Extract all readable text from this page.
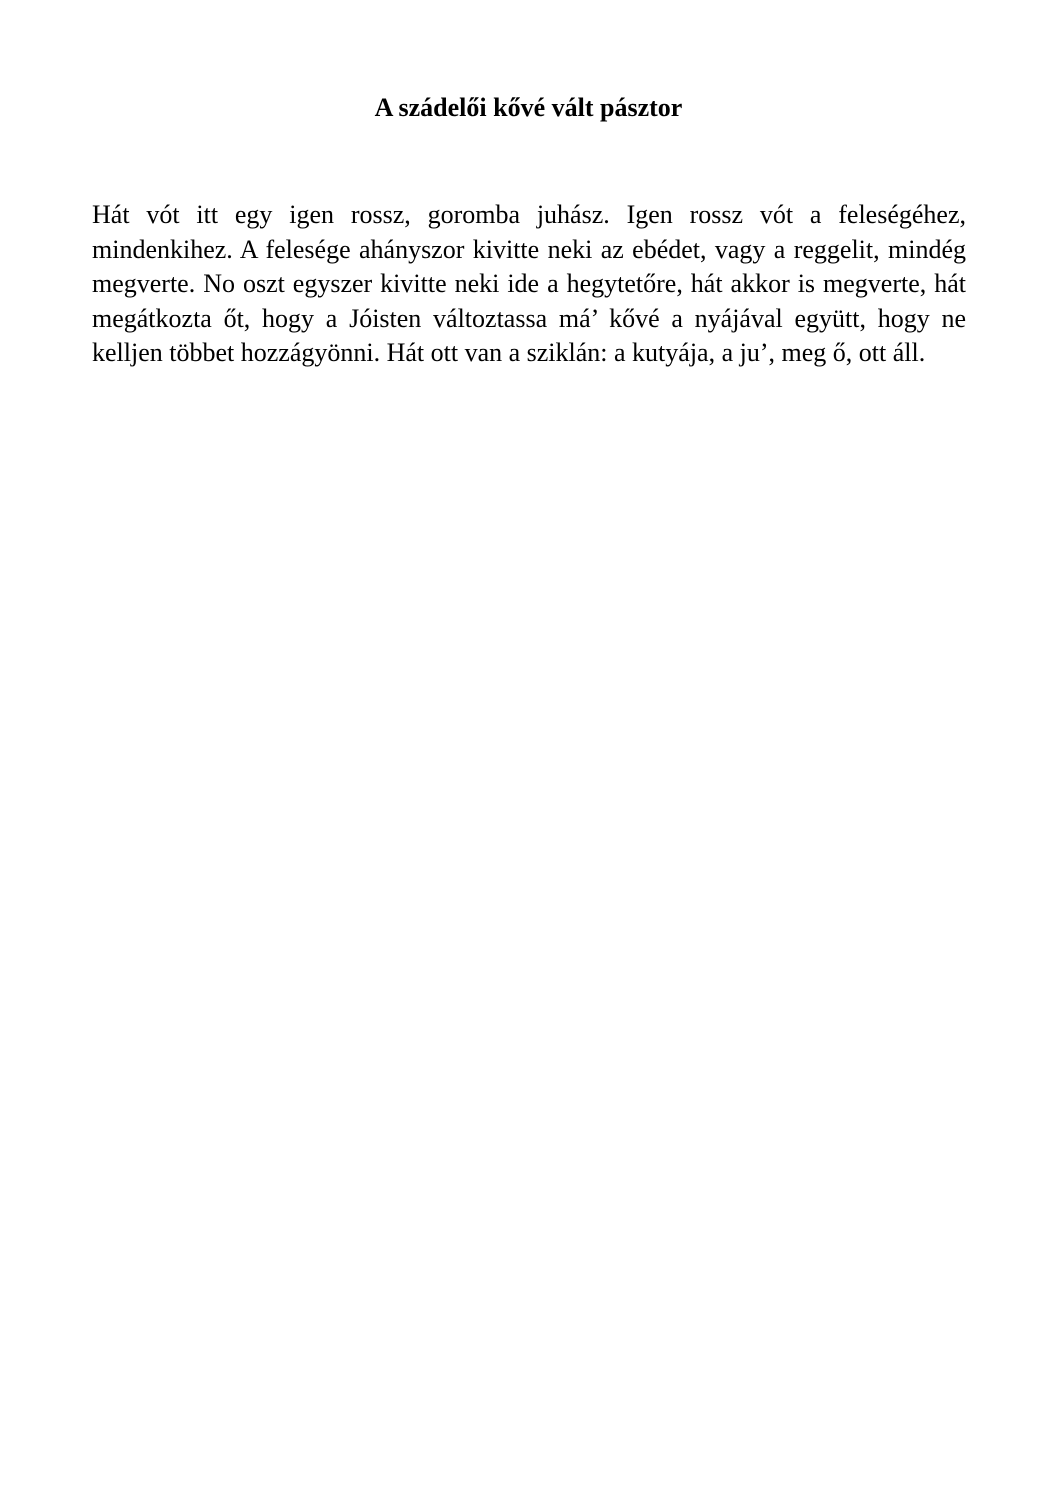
A szádelői kővé vált pásztor

Hát vót itt egy igen rossz, goromba juhász. Igen rossz vót a feleségéhez, mindenkihez. A felesége ahányszor kivitte neki az ebédet, vagy a reggelit, mindég megverte. No oszt egyszer kivitte neki ide a hegytetőre, hát akkor is megverte, hát megátkozta őt, hogy a Jóisten változtassa má’ kővé a nyájával együtt, hogy ne kelljen többet hozzágyönni. Hát ott van a sziklán: a kutyája, a ju’, meg ő, ott áll.
